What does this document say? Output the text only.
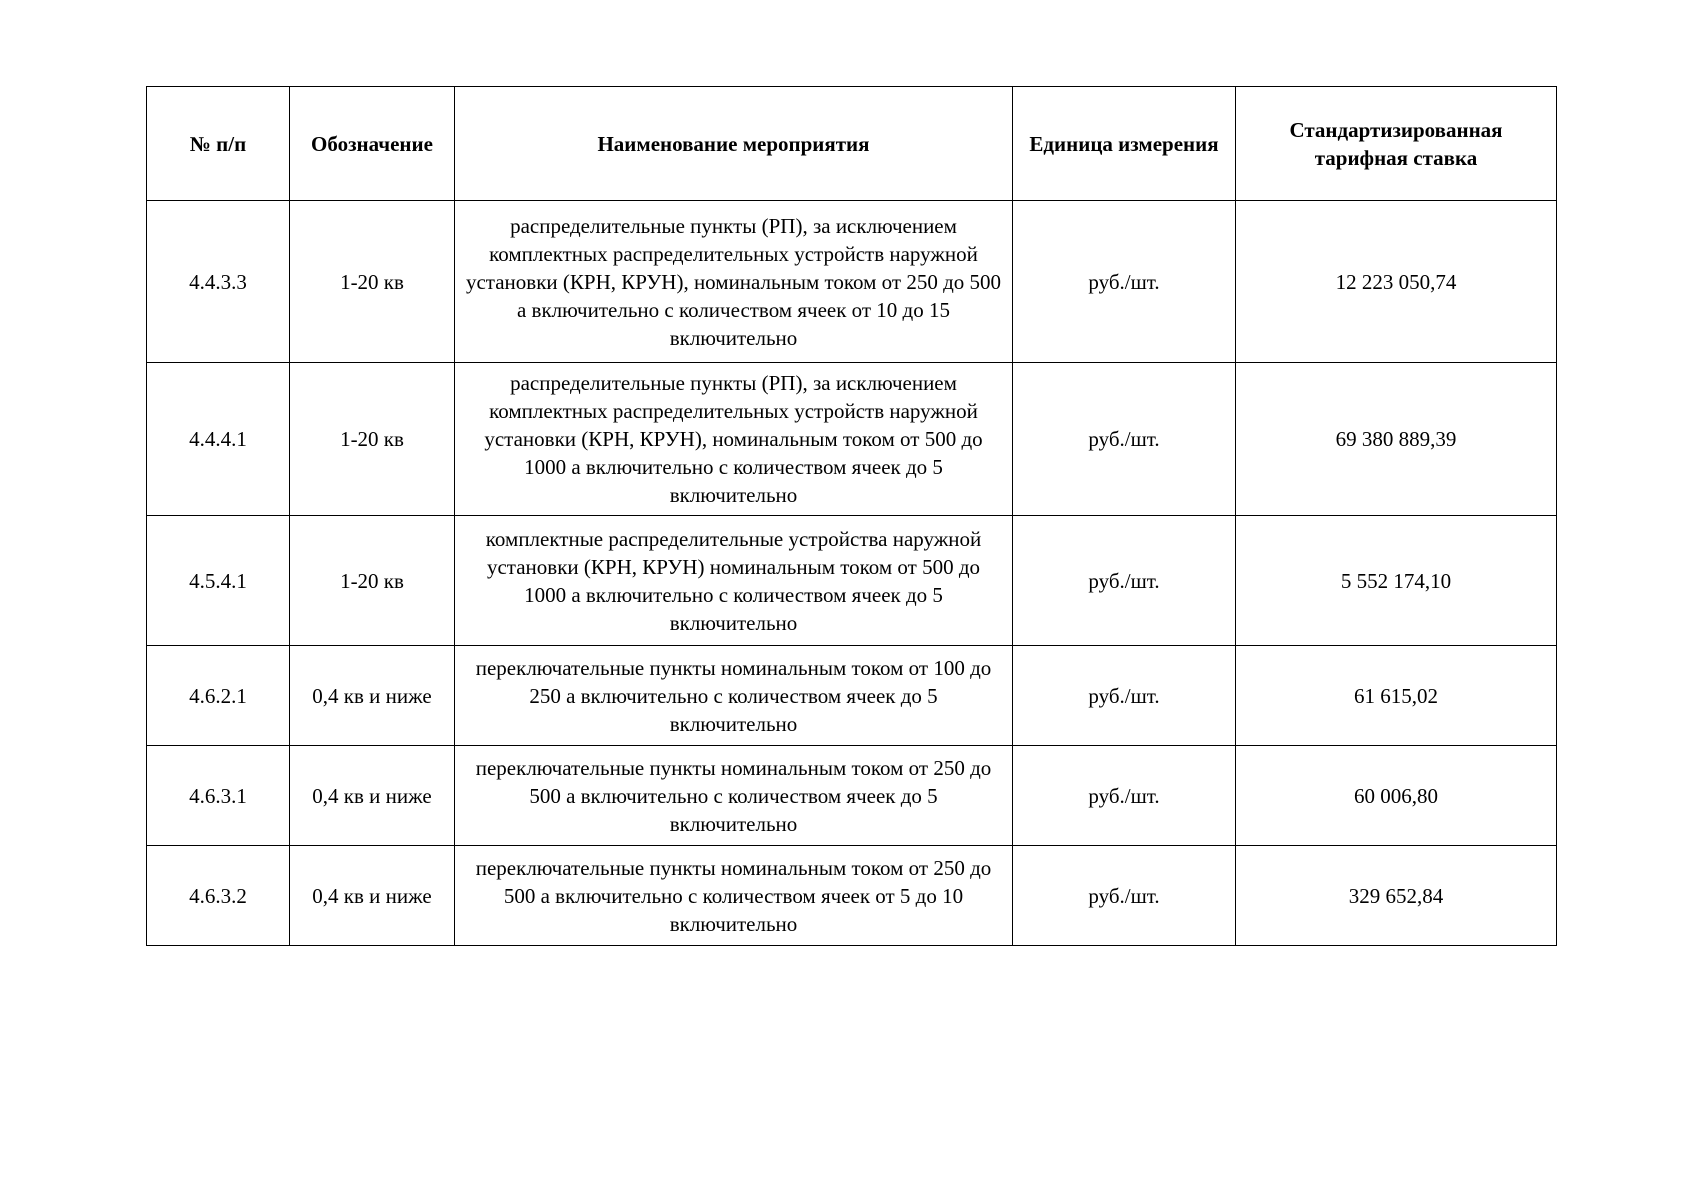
№ п/п	Обозначение	Наименование мероприятия	Единица измерения	Стандартизированная тарифная ставка
4.4.3.3	1-20 кв	распределительные пункты (РП), за исключением комплектных распределительных устройств наружной установки (КРН, КРУН), номинальным током от 250 до 500 а включительно с количеством ячеек от 10 до 15 включительно	руб./шт.	12 223 050,74
4.4.4.1	1-20 кв	распределительные пункты (РП), за исключением комплектных распределительных устройств наружной установки (КРН, КРУН), номинальным током от 500 до 1000 а включительно с количеством ячеек до 5 включительно	руб./шт.	69 380 889,39
4.5.4.1	1-20 кв	комплектные распределительные устройства наружной установки (КРН, КРУН) номинальным током от 500 до 1000 а включительно с количеством ячеек до 5 включительно	руб./шт.	5 552 174,10
4.6.2.1	0,4 кв и ниже	переключательные пункты номинальным током от 100 до 250 а включительно с количеством ячеек до 5 включительно	руб./шт.	61 615,02
4.6.3.1	0,4 кв и ниже	переключательные пункты номинальным током от 250 до 500 а включительно с количеством ячеек до 5 включительно	руб./шт.	60 006,80
4.6.3.2	0,4 кв и ниже	переключательные пункты номинальным током от 250 до 500 а включительно с количеством ячеек от 5 до 10 включительно	руб./шт.	329 652,84
